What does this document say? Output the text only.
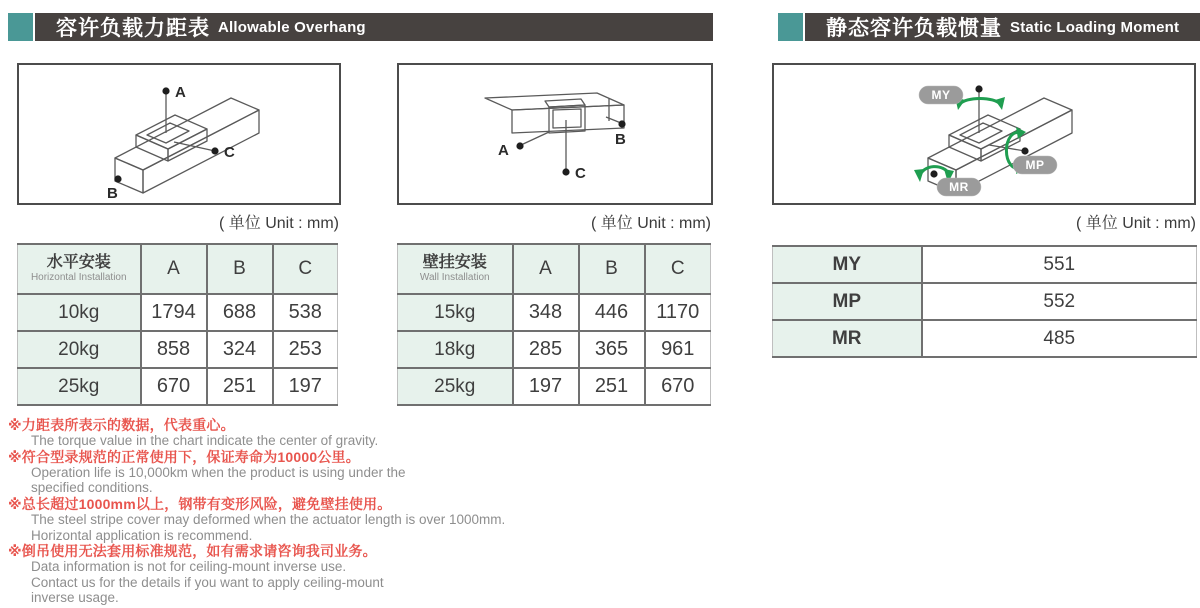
容许负载力距表 Allowable Overhang	静态容许负载惯量 Static Loading Moment
A
C
B
( 单位 Unit : mm)
A
B
C
( 单位 Unit : mm)
MY
MP
MR
( 单位 Unit : mm)
水平安装
Horizontal Installation	A	B	C
10kg	1794	688	538
20kg	858	324	253
25kg	670	251	197
壁挂安装
Wall Installation	A	B	C
15kg	348	446	1170
18kg	285	365	961
25kg	197	251	670
MY	551
MP	552
MR	485
※力距表所表示的数据，代表重心。
The torque value in the chart indicate the center of gravity.
※符合型录规范的正常使用下，保证寿命为10000公里。
Operation life is 10,000km when the product is using under the
specified conditions.
※总长超过1000mm以上，钢带有变形风险，避免壁挂使用。
The steel stripe cover may deformed when the actuator length is over 1000mm.
Horizontal application is recommend.
※倒吊使用无法套用标准规范，如有需求请咨询我司业务。
Data information is not for ceiling-mount inverse use.
Contact us for the details if you want to apply ceiling-mount
inverse usage.
